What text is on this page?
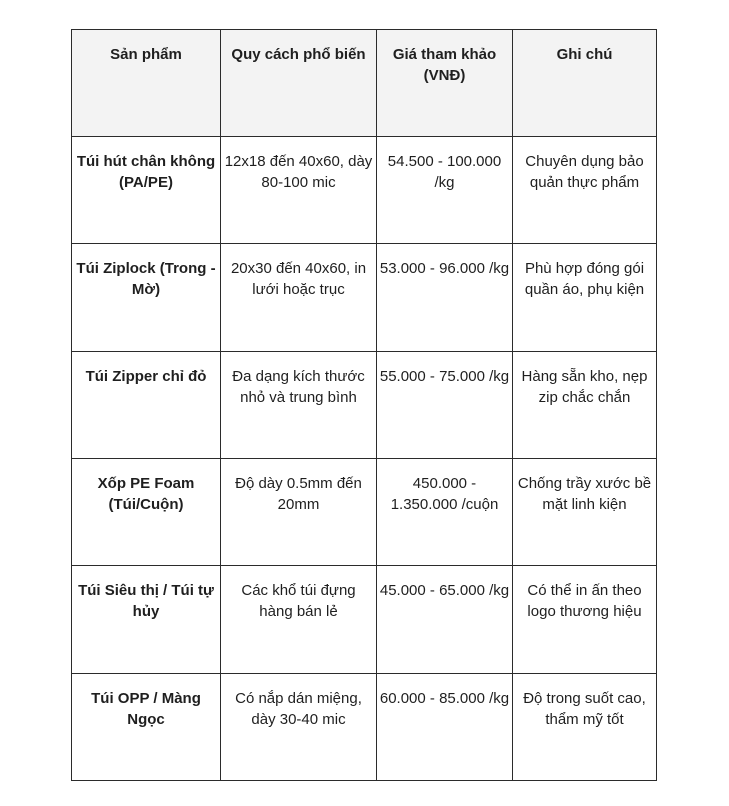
Sản phẩm	Quy cách phổ biến	Giá tham khảo (VNĐ)	Ghi chú
Túi hút chân không (PA/PE)	12x18 đến 40x60, dày 80-100 mic	54.500 - 100.000 /kg	Chuyên dụng bảo quản thực phẩm
Túi Ziplock (Trong - Mờ)	20x30 đến 40x60, in lưới hoặc trục	53.000 - 96.000 /kg	Phù hợp đóng gói quần áo, phụ kiện
Túi Zipper chỉ đỏ	Đa dạng kích thước nhỏ và trung bình	55.000 - 75.000 /kg	Hàng sẵn kho, nẹp zip chắc chắn
Xốp PE Foam (Túi/Cuộn)	Độ dày 0.5mm đến 20mm	450.000 - 1.350.000 /cuộn	Chống trầy xước bề mặt linh kiện
Túi Siêu thị / Túi tự hủy	Các khổ túi đựng hàng bán lẻ	45.000 - 65.000 /kg	Có thể in ấn theo logo thương hiệu
Túi OPP / Màng Ngọc	Có nắp dán miệng, dày 30-40 mic	60.000 - 85.000 /kg	Độ trong suốt cao, thẩm mỹ tốt
